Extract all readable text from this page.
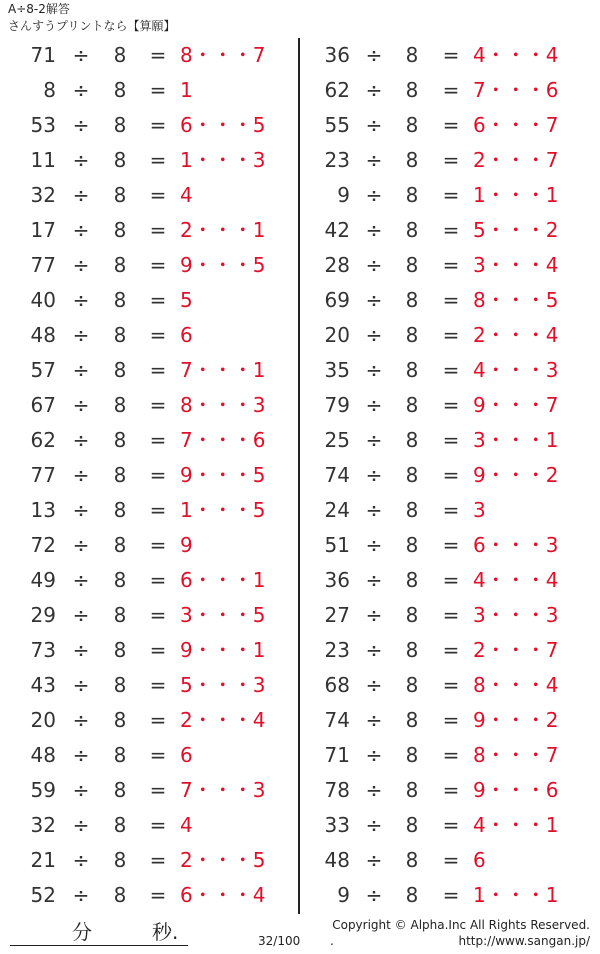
A÷8-2解答
さんすうプリントなら【算願】
71 ÷ 8 = 8・・・7
8 ÷ 8 = 1
53 ÷ 8 = 6・・・5
11 ÷ 8 = 1・・・3
32 ÷ 8 = 4
17 ÷ 8 = 2・・・1
77 ÷ 8 = 9・・・5
40 ÷ 8 = 5
48 ÷ 8 = 6
57 ÷ 8 = 7・・・1
67 ÷ 8 = 8・・・3
62 ÷ 8 = 7・・・6
77 ÷ 8 = 9・・・5
13 ÷ 8 = 1・・・5
72 ÷ 8 = 9
49 ÷ 8 = 6・・・1
29 ÷ 8 = 3・・・5
73 ÷ 8 = 9・・・1
43 ÷ 8 = 5・・・3
20 ÷ 8 = 2・・・4
48 ÷ 8 = 6
59 ÷ 8 = 7・・・3
32 ÷ 8 = 4
21 ÷ 8 = 2・・・5
52 ÷ 8 = 6・・・4
36 ÷ 8 = 4・・・4
62 ÷ 8 = 7・・・6
55 ÷ 8 = 6・・・7
23 ÷ 8 = 2・・・7
9 ÷ 8 = 1・・・1
42 ÷ 8 = 5・・・2
28 ÷ 8 = 3・・・4
69 ÷ 8 = 8・・・5
20 ÷ 8 = 2・・・4
35 ÷ 8 = 4・・・3
79 ÷ 8 = 9・・・7
25 ÷ 8 = 3・・・1
74 ÷ 8 = 9・・・2
24 ÷ 8 = 3
51 ÷ 8 = 6・・・3
36 ÷ 8 = 4・・・4
27 ÷ 8 = 3・・・3
23 ÷ 8 = 2・・・7
68 ÷ 8 = 8・・・4
74 ÷ 8 = 9・・・2
71 ÷ 8 = 8・・・7
78 ÷ 8 = 9・・・6
33 ÷ 8 = 4・・・1
48 ÷ 8 = 6
9 ÷ 8 = 1・・・1
分	秒.	32/100 .
Copyright © Alpha.Inc All Rights Reserved.
http://www.sangan.jp/
